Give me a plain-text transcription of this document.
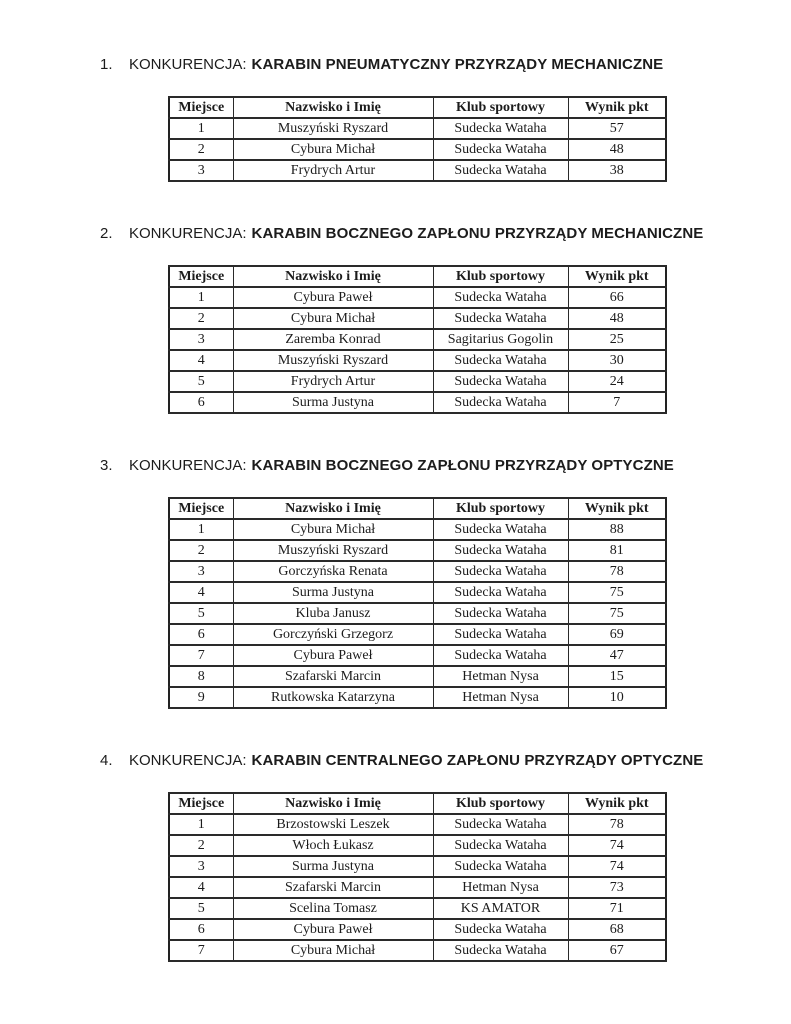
1.	KONKURENCJA: KARABIN PNEUMATYCZNY PRZYRZĄDY MECHANICZNE
Miejsce	Nazwisko i Imię	Klub sportowy	Wynik pkt
1	Muszyński Ryszard	Sudecka Wataha	57
2	Cybura Michał	Sudecka Wataha	48
3	Frydrych Artur	Sudecka Wataha	38
2.	KONKURENCJA: KARABIN BOCZNEGO ZAPŁONU PRZYRZĄDY MECHANICZNE
Miejsce	Nazwisko i Imię	Klub sportowy	Wynik pkt
1	Cybura Paweł	Sudecka Wataha	66
2	Cybura Michał	Sudecka Wataha	48
3	Zaremba Konrad	Sagitarius Gogolin	25
4	Muszyński Ryszard	Sudecka Wataha	30
5	Frydrych Artur	Sudecka Wataha	24
6	Surma Justyna	Sudecka Wataha	7
3.	KONKURENCJA: KARABIN BOCZNEGO ZAPŁONU PRZYRZĄDY OPTYCZNE
Miejsce	Nazwisko i Imię	Klub sportowy	Wynik pkt
1	Cybura Michał	Sudecka Wataha	88
2	Muszyński Ryszard	Sudecka Wataha	81
3	Gorczyńska Renata	Sudecka Wataha	78
4	Surma Justyna	Sudecka Wataha	75
5	Kluba Janusz	Sudecka Wataha	75
6	Gorczyński Grzegorz	Sudecka Wataha	69
7	Cybura Paweł	Sudecka Wataha	47
8	Szafarski Marcin	Hetman Nysa	15
9	Rutkowska Katarzyna	Hetman Nysa	10
4.	KONKURENCJA: KARABIN CENTRALNEGO ZAPŁONU PRZYRZĄDY OPTYCZNE
Miejsce	Nazwisko i Imię	Klub sportowy	Wynik pkt
1	Brzostowski Leszek	Sudecka Wataha	78
2	Włoch Łukasz	Sudecka Wataha	74
3	Surma Justyna	Sudecka Wataha	74
4	Szafarski Marcin	Hetman Nysa	73
5	Scelina Tomasz	KS AMATOR	71
6	Cybura Paweł	Sudecka Wataha	68
7	Cybura Michał	Sudecka Wataha	67
